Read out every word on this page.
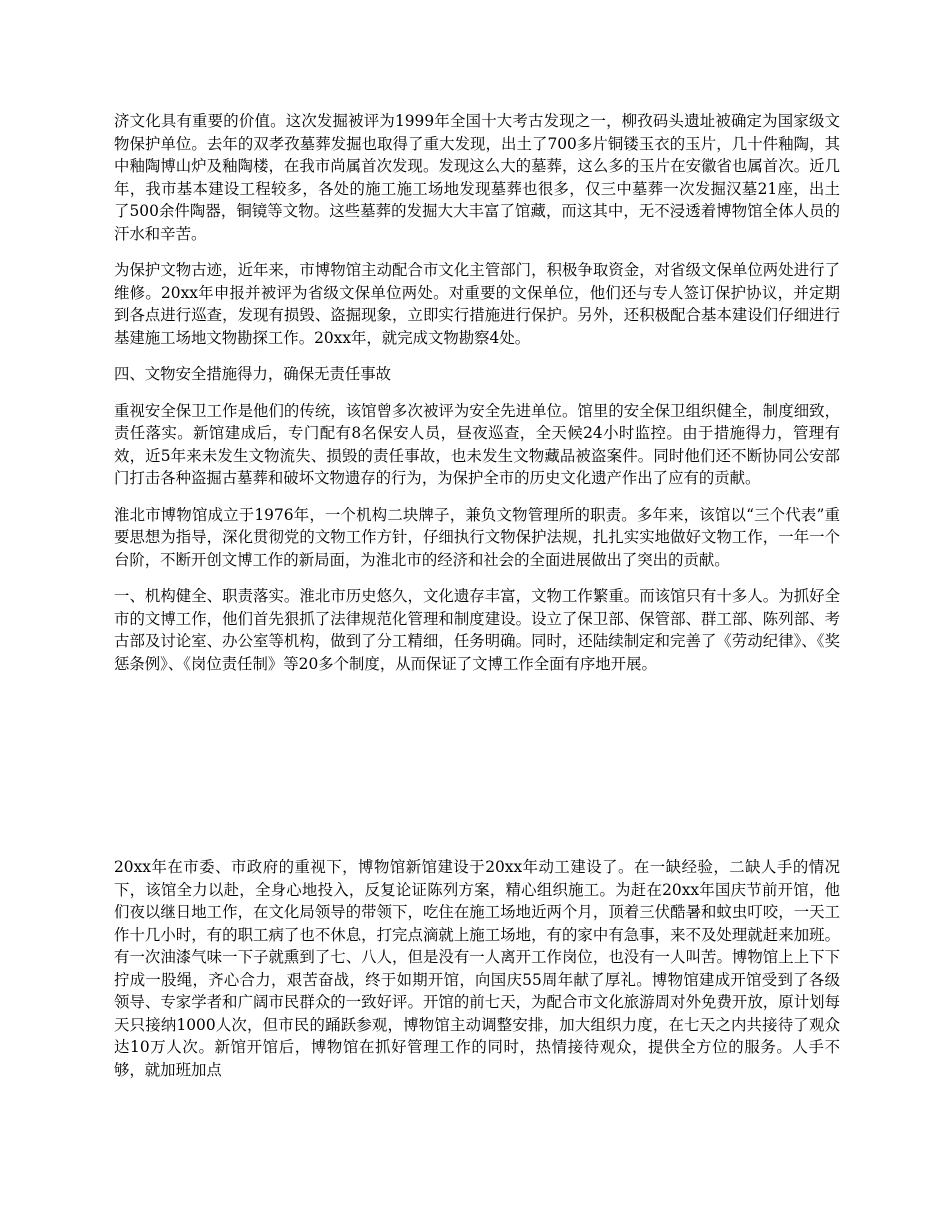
济文化具有重要的价值。这次发掘被评为1999年全国十大考古发现之一，柳孜码头遗址被确定为国家级文物保护单位。去年的双孝孜墓葬发掘也取得了重大发现，出土了700多片铜镂玉衣的玉片，几十件釉陶，其中釉陶博山炉及釉陶楼，在我市尚属首次发现。发现这么大的墓葬，这么多的玉片在安徽省也属首次。近几年，我市基本建设工程较多，各处的施工施工场地发现墓葬也很多，仅三中墓葬一次发掘汉墓21座，出土了500余件陶器，铜镜等文物。这些墓葬的发掘大大丰富了馆藏，而这其中，无不浸透着博物馆全体人员的汗水和辛苦。

为保护文物古迹，近年来，市博物馆主动配合市文化主管部门，积极争取资金，对省级文保单位两处进行了维修。20xx年申报并被评为省级文保单位两处。对重要的文保单位，他们还与专人签订保护协议，并定期到各点进行巡查，发现有损毁、盗掘现象，立即实行措施进行保护。另外，还积极配合基本建设们仔细进行基建施工场地文物勘探工作。20xx年，就完成文物勘察4处。

四、文物安全措施得力，确保无责任事故

重视安全保卫工作是他们的传统，该馆曾多次被评为安全先进单位。馆里的安全保卫组织健全，制度细致，责任落实。新馆建成后，专门配有8名保安人员，昼夜巡查，全天候24小时监控。由于措施得力，管理有效，近5年来未发生文物流失、损毁的责任事故，也未发生文物藏品被盗案件。同时他们还不断协同公安部门打击各种盗掘古墓葬和破坏文物遗存的行为，为保护全市的历史文化遗产作出了应有的贡献。

淮北市博物馆成立于1976年，一个机构二块牌子，兼负文物管理所的职责。多年来，该馆以“三个代表”重要思想为指导，深化贯彻党的文物工作方针，仔细执行文物保护法规，扎扎实实地做好文物工作，一年一个台阶，不断开创文博工作的新局面，为淮北市的经济和社会的全面进展做出了突出的贡献。

一、机构健全、职责落实。淮北市历史悠久，文化遗存丰富，文物工作繁重。而该馆只有十多人。为抓好全市的文博工作，他们首先狠抓了法律规范化管理和制度建设。设立了保卫部、保管部、群工部、陈列部、考古部及讨论室、办公室等机构，做到了分工精细，任务明确。同时，还陆续制定和完善了《劳动纪律》、《奖惩条例》、《岗位责任制》等20多个制度，从而保证了文博工作全面有序地开展。

20xx年在市委、市政府的重视下，博物馆新馆建设于20xx年动工建设了。在一缺经验，二缺人手的情况下，该馆全力以赴，全身心地投入，反复论证陈列方案，精心组织施工。为赶在20xx年国庆节前开馆，他们夜以继日地工作，在文化局领导的带领下，吃住在施工场地近两个月，顶着三伏酷暑和蚊虫叮咬，一天工作十几小时，有的职工病了也不休息，打完点滴就上施工场地，有的家中有急事，来不及处理就赶来加班。有一次油漆气味一下子就熏到了七、八人，但是没有一人离开工作岗位，也没有一人叫苦。博物馆上上下下拧成一股绳，齐心合力，艰苦奋战，终于如期开馆，向国庆55周年献了厚礼。博物馆建成开馆受到了各级领导、专家学者和广阔市民群众的一致好评。开馆的前七天，为配合市文化旅游周对外免费开放，原计划每天只接纳1000人次，但市民的踊跃参观，博物馆主动调整安排，加大组织力度，在七天之内共接待了观众达10万人次。新馆开馆后，博物馆在抓好管理工作的同时，热情接待观众，提供全方位的服务。人手不够，就加班加点
